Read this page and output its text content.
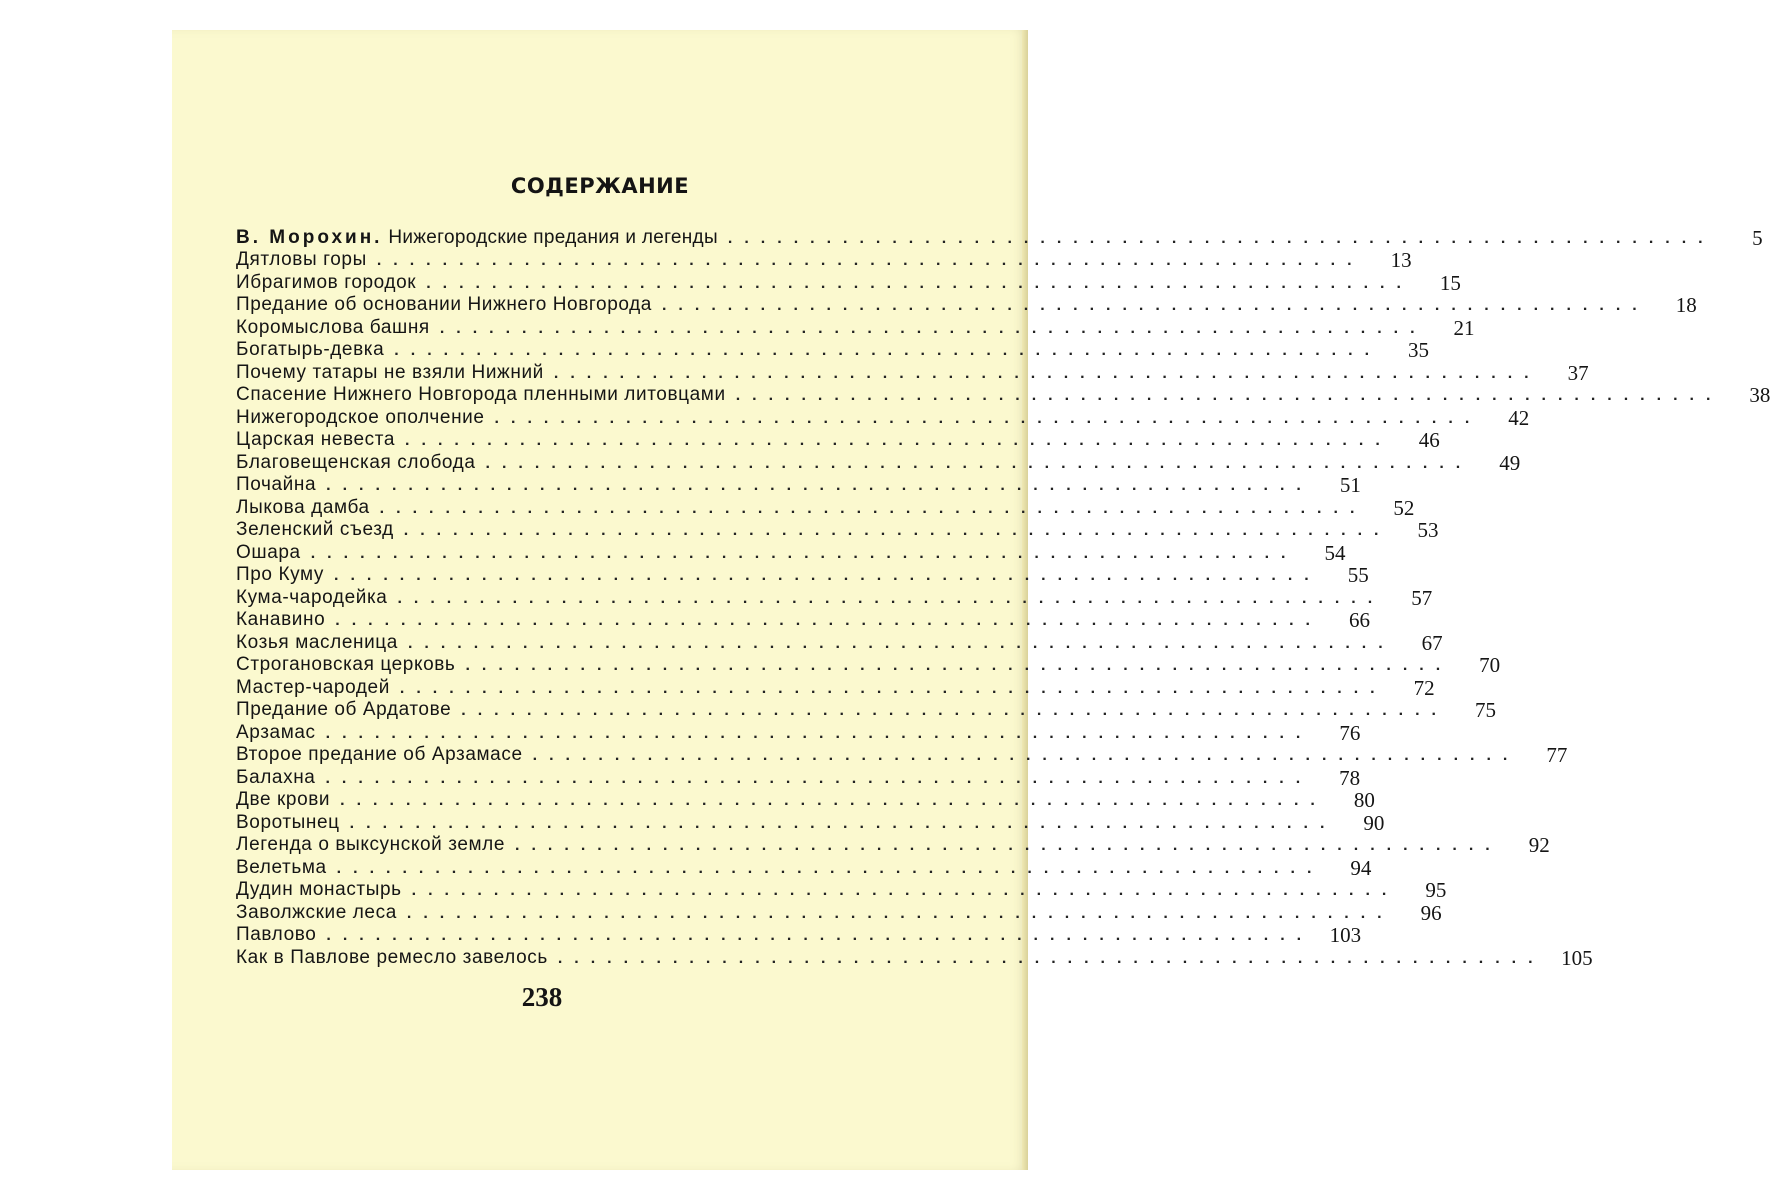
СОДЕРЖАНИЕ
В. Морохин. Нижегородские предания и легенды ............................................................	5
Дятловы горы ............................................................	13
Ибрагимов городок ............................................................	15
Предание об основании Нижнего Новгорода ............................................................	18
Коромыслова башня ............................................................	21
Богатырь-девка ............................................................	35
Почему татары не взяли Нижний ............................................................	37
Спасение Нижнего Новгорода пленными литовцами ............................................................	38
Нижегородское ополчение ............................................................	42
Царская невеста ............................................................	46
Благовещенская слобода ............................................................	49
Почайна ............................................................	51
Лыкова дамба ............................................................	52
Зеленский съезд ............................................................	53
Ошара ............................................................	54
Про Куму ............................................................	55
Кума-чародейка ............................................................	57
Канавино ............................................................	66
Козья масленица ............................................................	67
Строгановская церковь ............................................................	70
Мастер-чародей ............................................................	72
Предание об Ардатове ............................................................	75
Арзамас ............................................................	76
Второе предание об Арзамасе ............................................................	77
Балахна ............................................................	78
Две крови ............................................................	80
Воротынец ............................................................	90
Легенда о выксунской земле ............................................................	92
Велетьма ............................................................	94
Дудин монастырь ............................................................	95
Заволжские леса ............................................................	96
Павлово ............................................................ 103
Как в Павлове ремесло завелось ............................................................ 105
238
